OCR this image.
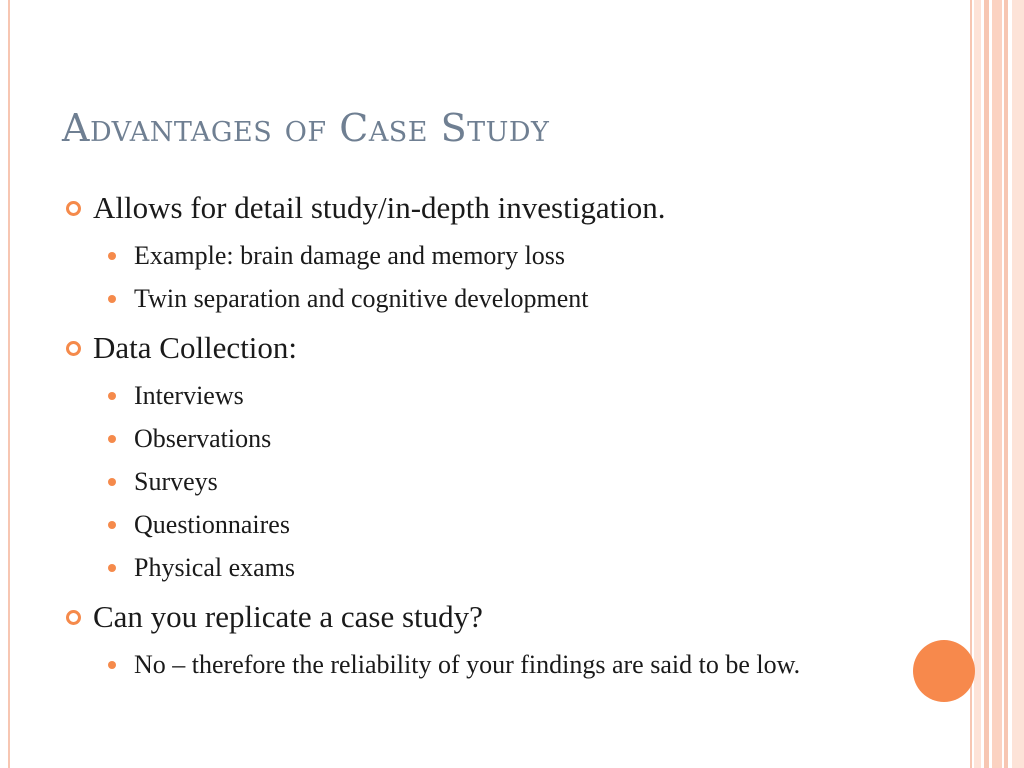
Advantages of Case Study
Allows for detail study/in-depth investigation.
Example: brain damage and memory loss
Twin separation and cognitive development
Data Collection:
Interviews
Observations
Surveys
Questionnaires
Physical exams
Can you replicate a case study?
No – therefore the reliability of your findings are said to be low.
